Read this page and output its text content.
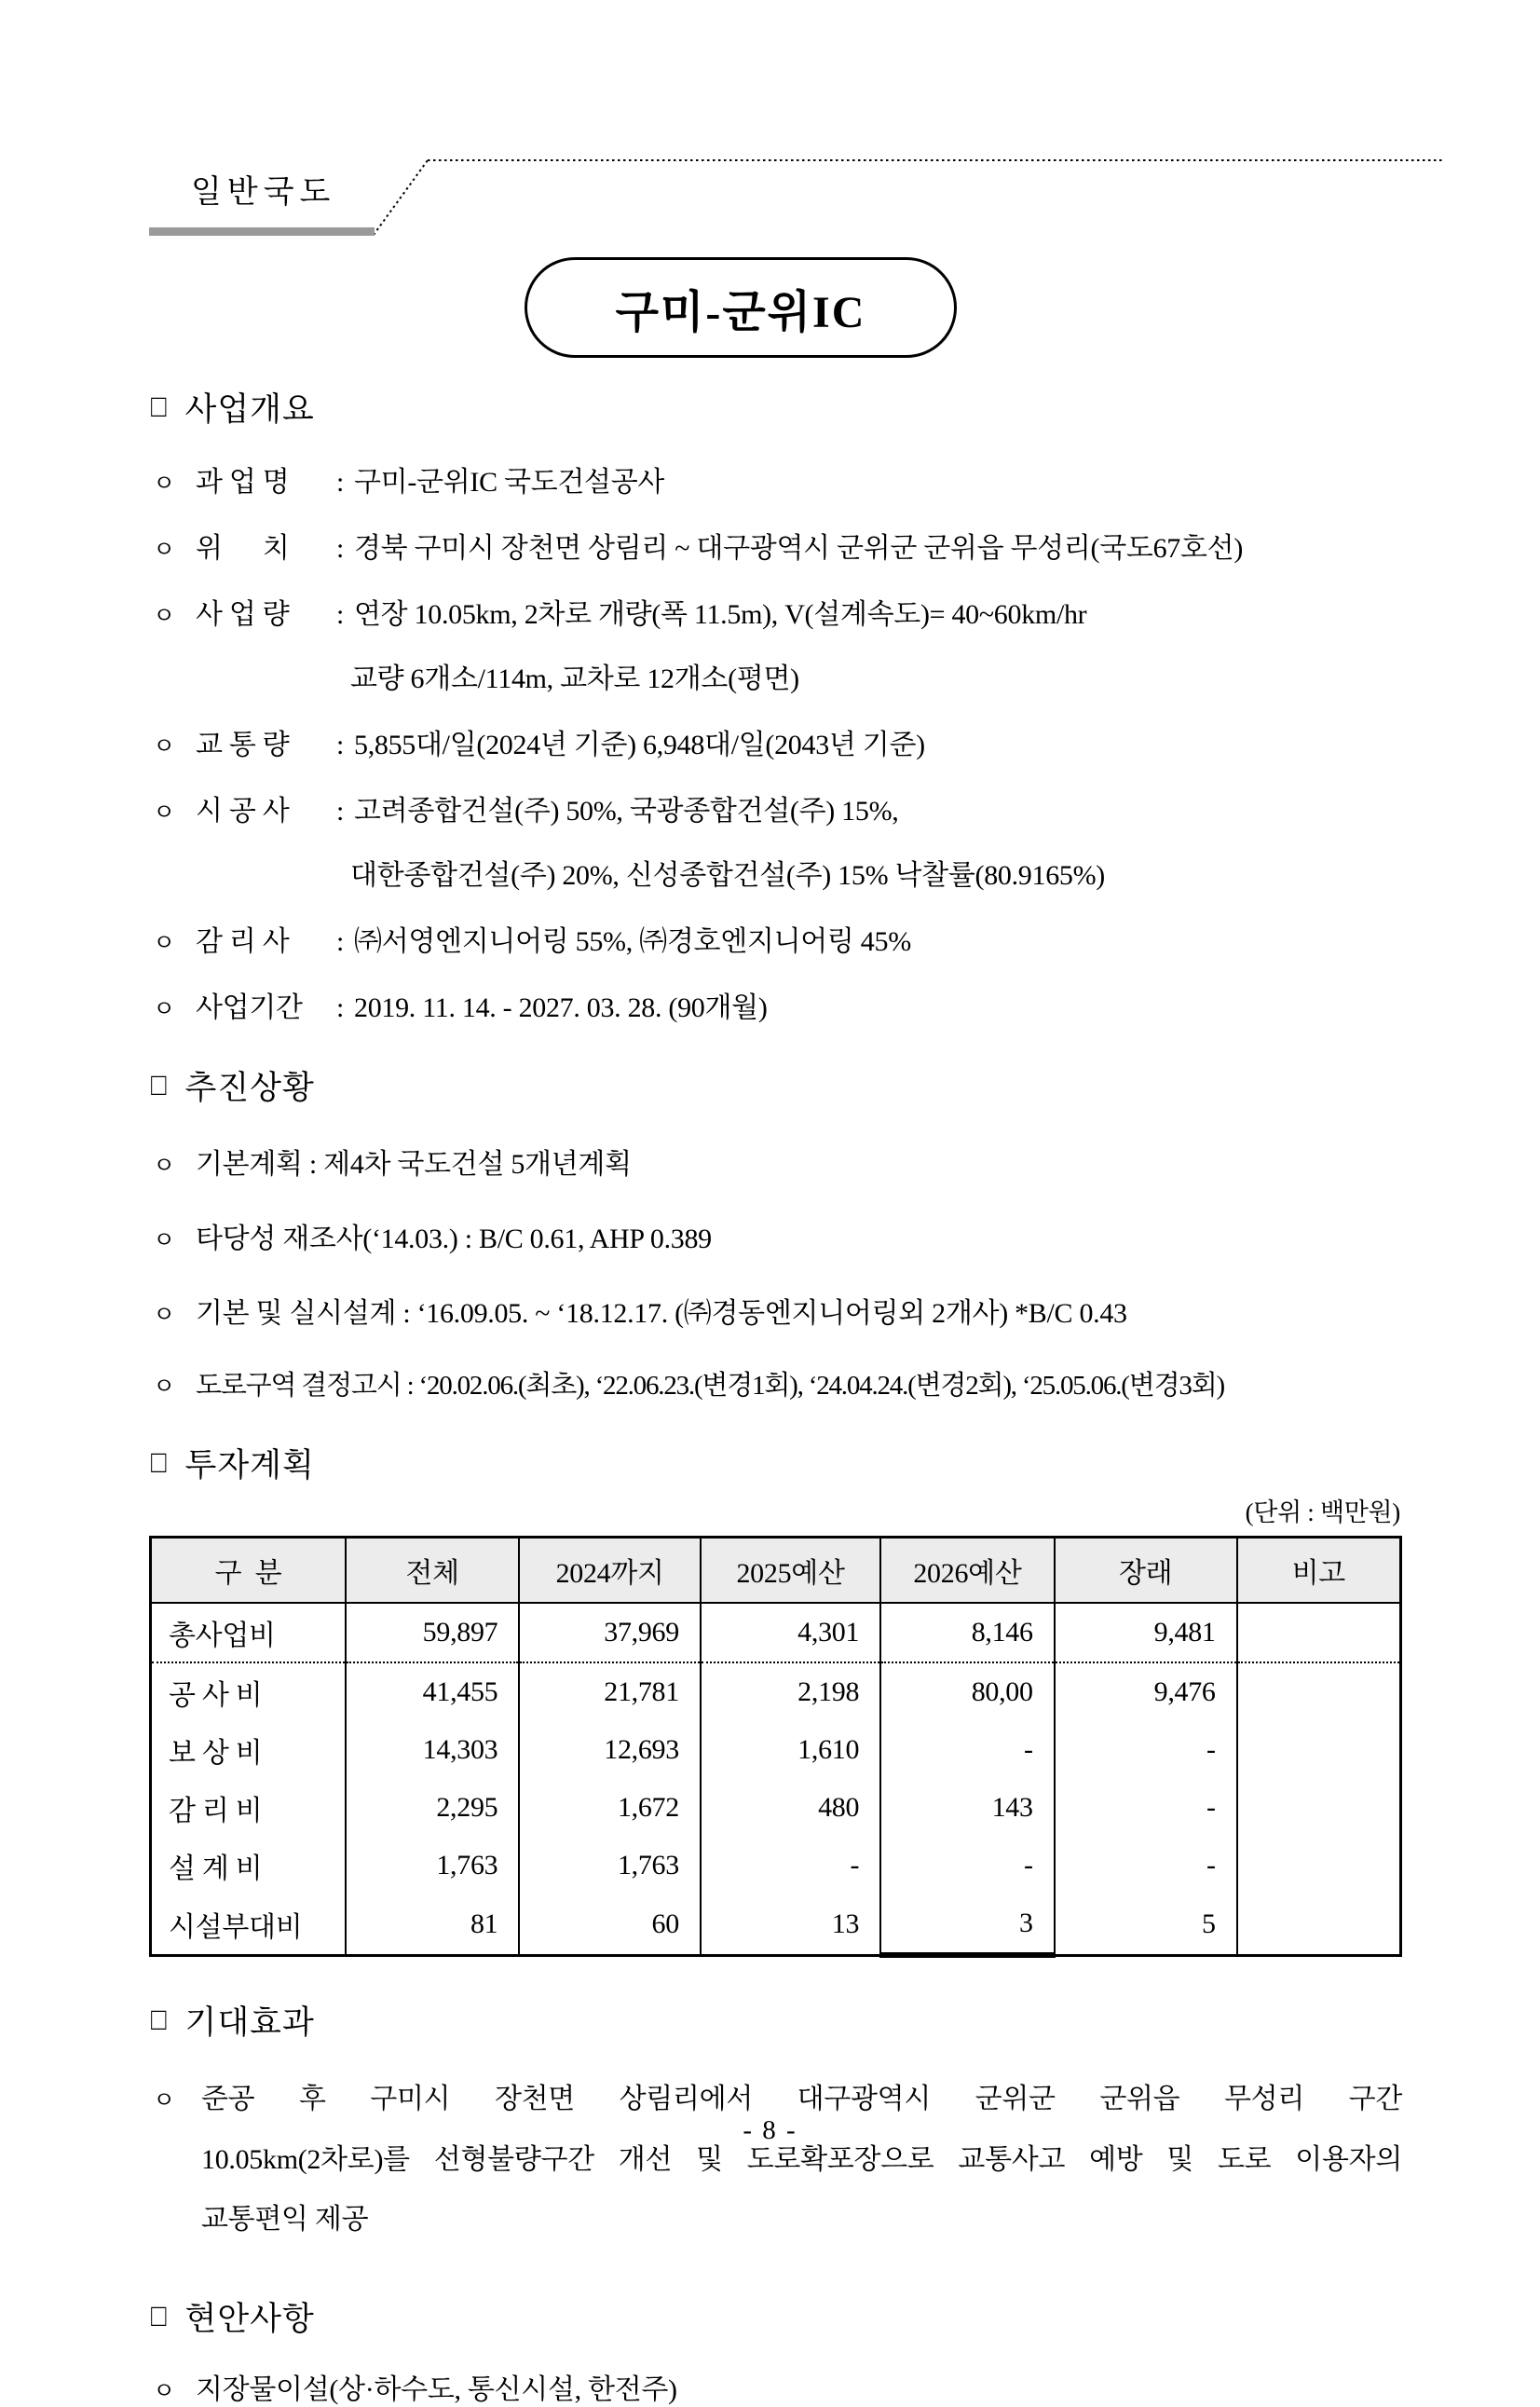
일반국도
구미-군위IC
□ 사업개요
ㅇ 과 업 명	: 구미-군위IC 국도건설공사
ㅇ 위      치	: 경북 구미시 장천면 상림리 ~ 대구광역시 군위군 군위읍 무성리(국도67호선)
ㅇ 사 업 량	: 연장 10.05km, 2차로 개량(폭 11.5m), V(설계속도)= 40~60km/hr
교량 6개소/114m, 교차로 12개소(평면)
ㅇ 교 통 량	: 5,855대/일(2024년 기준) 6,948대/일(2043년 기준)
ㅇ 시 공 사	: 고려종합건설(주) 50%, 국광종합건설(주) 15%,
대한종합건설(주) 20%, 신성종합건설(주) 15% 낙찰률(80.9165%)
ㅇ 감 리 사	: ㈜서영엔지니어링 55%, ㈜경호엔지니어링 45%
ㅇ 사업기간	: 2019. 11. 14. - 2027. 03. 28. (90개월)
□ 추진상황
ㅇ 기본계획 : 제4차 국도건설 5개년계획
ㅇ 타당성 재조사(‘14.03.) : B/C 0.61, AHP 0.389
ㅇ 기본 및 실시설계 : ‘16.09.05. ~ ‘18.12.17. (㈜경동엔지니어링외 2개사) *B/C 0.43
ㅇ 도로구역 결정고시 : ‘20.02.06.(최초), ‘22.06.23.(변경1회), ‘24.04.24.(변경2회), ‘25.05.06.(변경3회)
□ 투자계획
(단위 : 백만원)
구  분	전체	2024까지	2025예산	2026예산	장래	비고
총사업비	59,897	37,969	4,301	8,146	9,481	
공 사 비	41,455	21,781	2,198	80,00	9,476	
보 상 비	14,303	12,693	1,610	-	-	
감 리 비	2,295	1,672	480	143	-	
설 계 비	1,763	1,763	-	-	-	
시설부대비	81	60	13	3	5	
□ 기대효과
ㅇ 준공 후 구미시 장천면 상림리에서 대구광역시 군위군 군위읍 무성리 구간
10.05km(2차로)를 선형불량구간 개선 및 도로확포장으로 교통사고 예방 및 도로 이용자의
교통편익 제공
□ 현안사항
ㅇ 지장물이설(상·하수도, 통신시설, 한전주)
- 8 -
